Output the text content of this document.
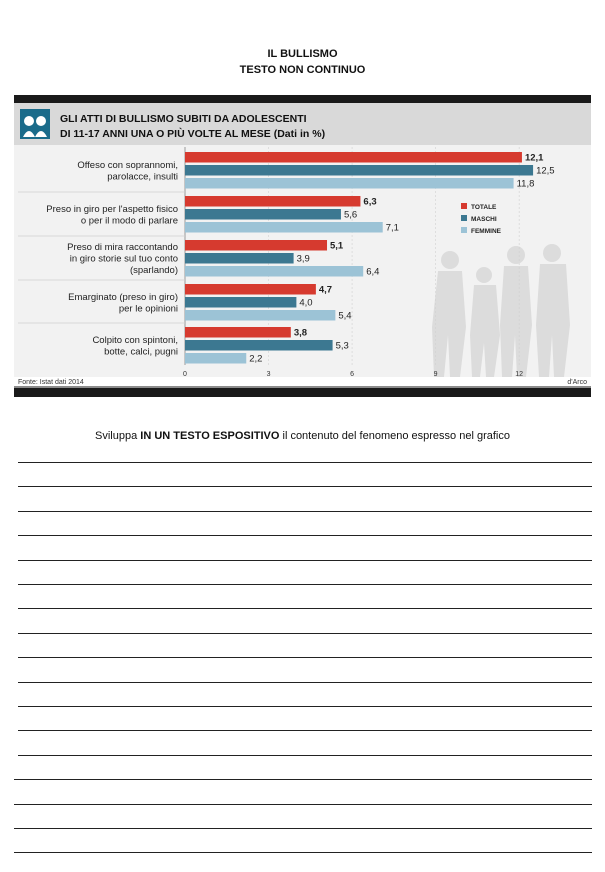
IL BULLISMO
TESTO NON CONTINUO
GLI ATTI DI BULLISMO SUBITI DA ADOLESCENTI
DI 11-17 ANNI UNA O PIÙ VOLTE AL MESE (Dati in %)
0	3	6	9	12
TOTALE
MASCHI
FEMMINE
Offeso con soprannomi,
parolacce, insulti
12,1
12,5
11,8
Preso in giro per l'aspetto fisico
o per il modo di parlare
6,3
5,6
7,1
Preso di mira raccontando
in giro storie sul tuo conto
(sparlando)
5,1
3,9
6,4
Emarginato (preso in giro)
per le opinioni
4,7
4,0
5,4
Colpito con spintoni,
botte, calci, pugni
3,8
5,3
2,2
Fonte: Istat dati 2014	d'Arco
Sviluppa IN UN TESTO ESPOSITIVO il contenuto del fenomeno espresso nel grafico
